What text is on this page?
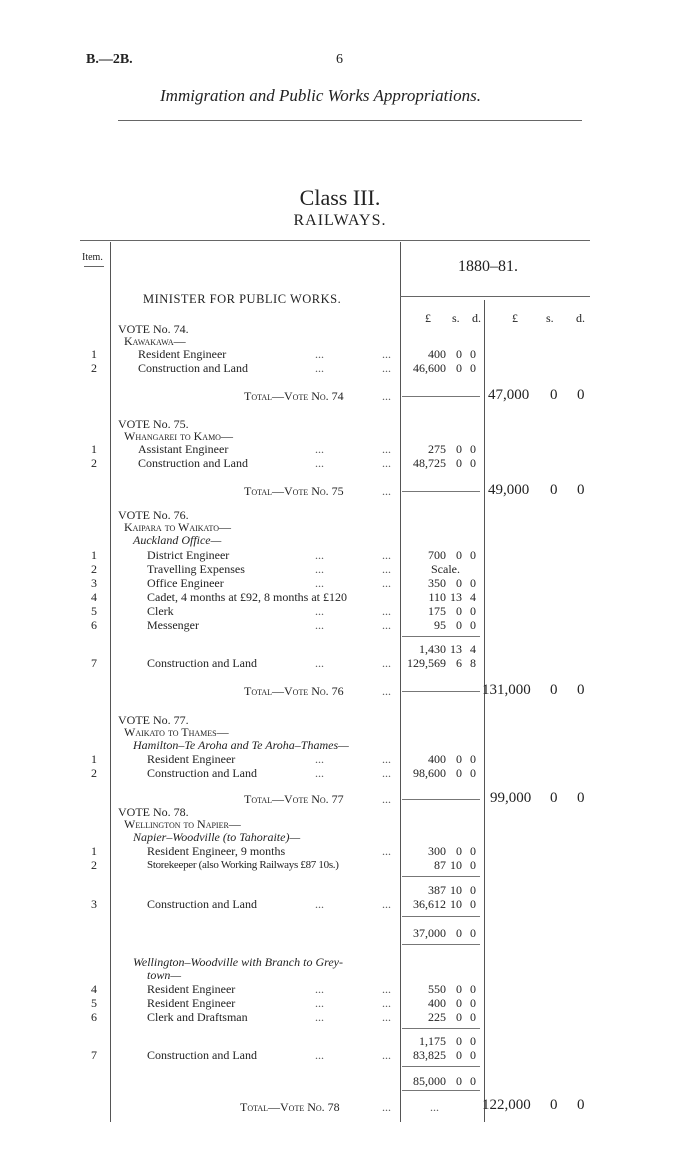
B.—2B.	6
Immigration and Public Works Appropriations.
Class III.
RAILWAYS.
Item.
1880–81.
MINISTER FOR PUBLIC WORKS.
£ s. d.	£ s. d.
VOTE No. 74.
Kawakawa—
1	Resident Engineer	...	...	400 0 0
2	Construction and Land	...	...	46,600 0 0
Total—Vote No. 74	...	47,000 0 0
VOTE No. 75.
Whangarei to Kamo—
1	Assistant Engineer	...	...	275 0 0
2	Construction and Land	...	...	48,725 0 0
Total—Vote No. 75	...	49,000 0 0
VOTE No. 76.
Kaipara to Waikato—
Auckland Office—
1	District Engineer	...	...	700 0 0
2	Travelling Expenses	...	...	Scale.
3	Office Engineer	...	...	350 0 0
4	Cadet, 4 months at £92, 8 months at £120	110 13 4
5	Clerk	...	...	175 0 0
6	Messenger	...	...	95 0 0
1,430 13 4
7	Construction and Land	...	...	129,569 6 8
Total—Vote No. 76	...	131,000 0 0
VOTE No. 77.
Waikato to Thames—
Hamilton–Te Aroha and Te Aroha–Thames—
1	Resident Engineer	...	...	400 0 0
2	Construction and Land	...	...	98,600 0 0
Total—Vote No. 77	...	99,000 0 0
VOTE No. 78.
Wellington to Napier—
Napier–Woodville (to Tahoraite)—
1	Resident Engineer, 9 months	...	300 0 0
2	Storekeeper (also Working Railways £87 10s.)	87 10 0
387 10 0
3	Construction and Land	...	...	36,612 10 0
37,000 0 0
Wellington–Woodville with Branch to Grey-
town—
4	Resident Engineer	...	...	550 0 0
5	Resident Engineer	...	...	400 0 0
6	Clerk and Draftsman	...	...	225 0 0
1,175 0 0
7	Construction and Land	...	...	83,825 0 0
85,000 0 0
Total—Vote No. 78	...	...	122,000 0 0
